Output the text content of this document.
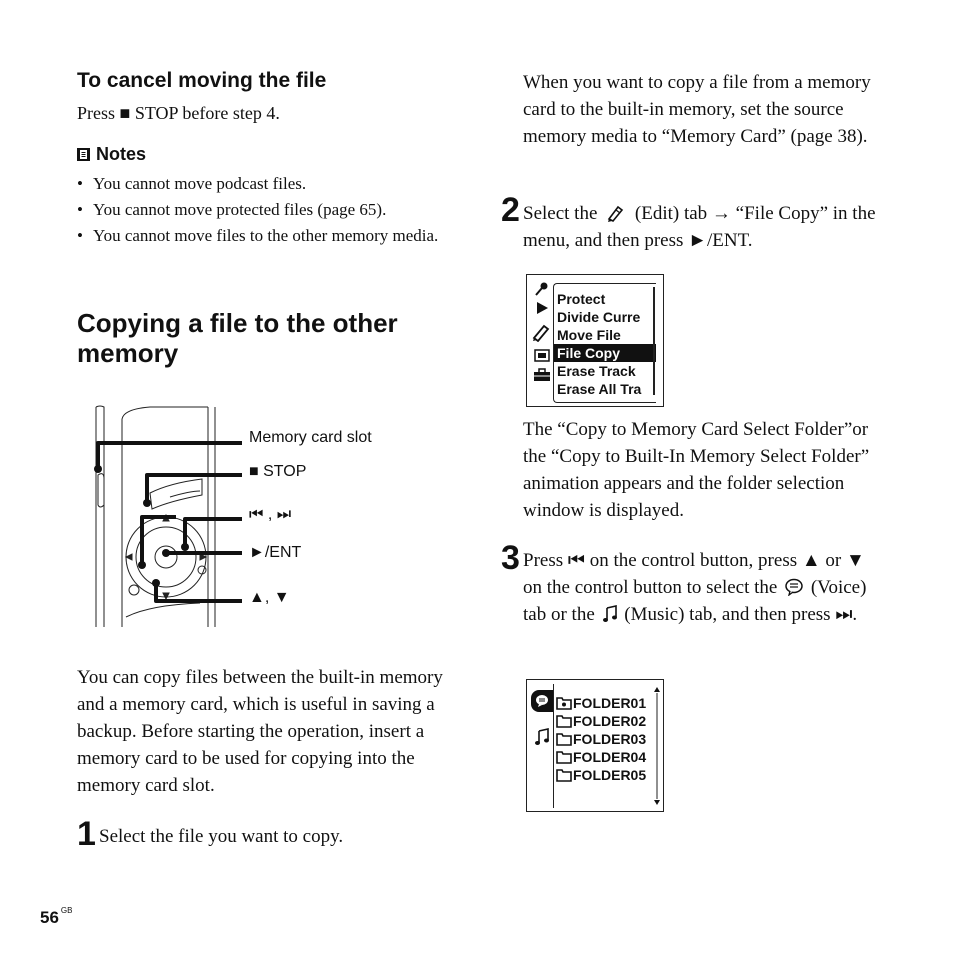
To cancel moving the file
Press ■ STOP before step 4.
Notes
• You cannot move podcast files.
• You cannot move protected files (page 65).
• You cannot move files to the other memory media.
Copying a file to the other memory
Memory card slot
■ STOP
⏮ , ⏭
►/ENT
▲, ▼
You can copy files between the built-in memory and a memory card, which is useful in saving a backup. Before starting the operation, insert a memory card to be used for copying into the memory card slot.
1 Select the file you want to copy.
56 $^{GB}$
When you want to copy a file from a memory card to the built-in memory, set the source memory media to “Memory Card” (page 38).
2 Select the (Edit) tab → “File Copy” in the menu, and then press ►/ENT.
Protect
Divide Curre
Move File
File Copy
Erase Track
Erase All Tra
The “Copy to Memory Card Select Folder”or the “Copy to Built-In Memory Select Folder” animation appears and the folder selection window is displayed.
3 Press ⏮ on the control button, press ▲ or ▼ on the control button to select the (Voice) tab or the (Music) tab, and then press ⏭.
FOLDER01
FOLDER02
FOLDER03
FOLDER04
FOLDER05
